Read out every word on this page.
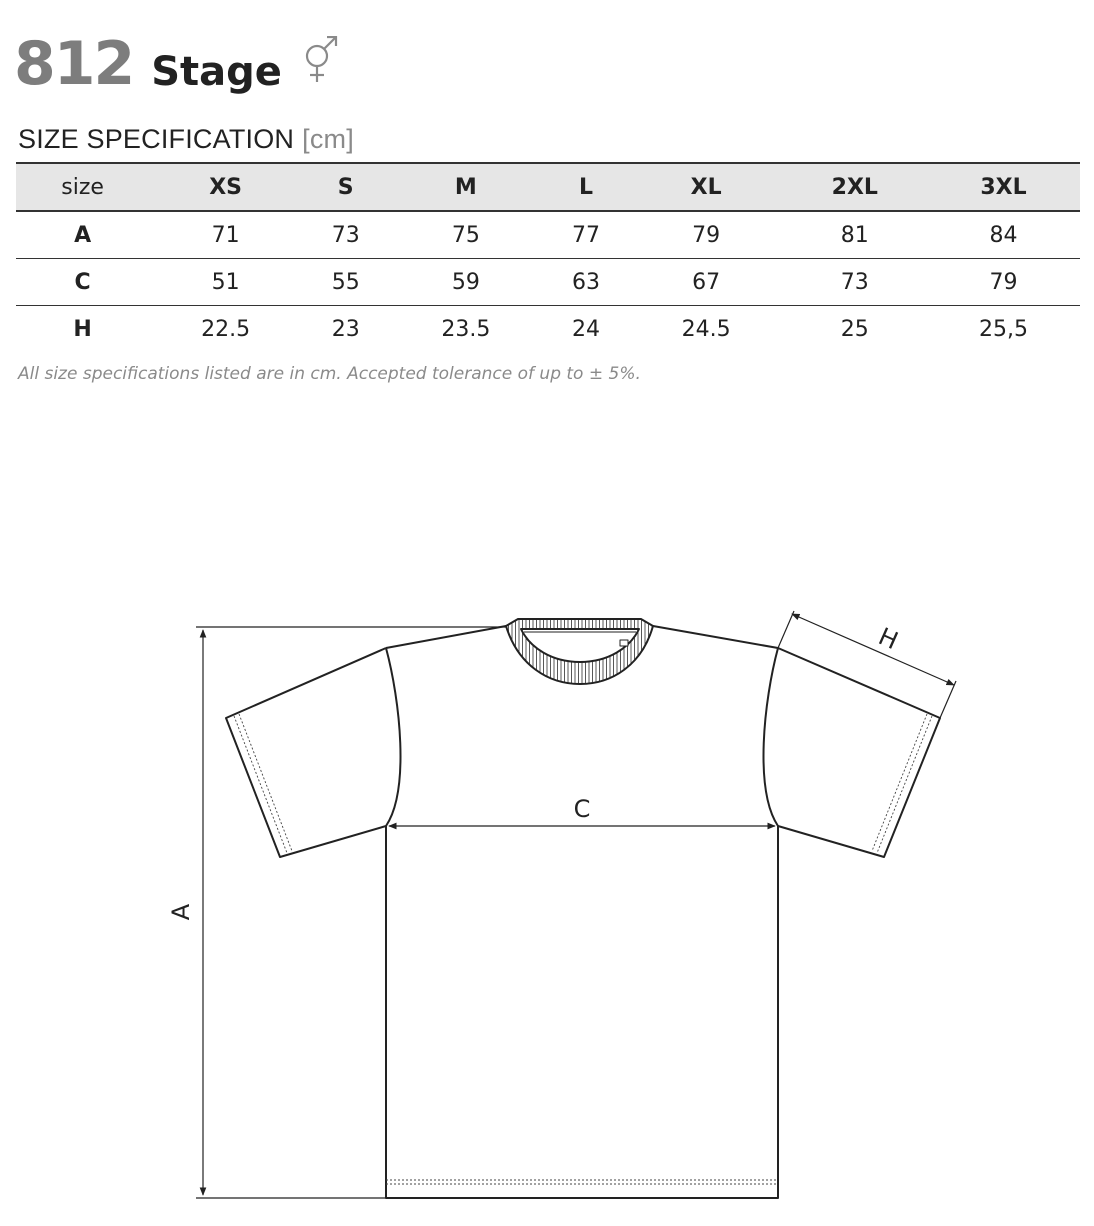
812 Stage
SIZE SPECIFICATION [cm]
size	XS	S	M	L	XL	2XL	3XL
A	71	73	75	77	79	81	84
C	51	55	59	63	67	73	79
H	22.5	23	23.5	24	24.5	25	25,5
All size specifications listed are in cm. Accepted tolerance of up to ± 5%.
A
C
H
